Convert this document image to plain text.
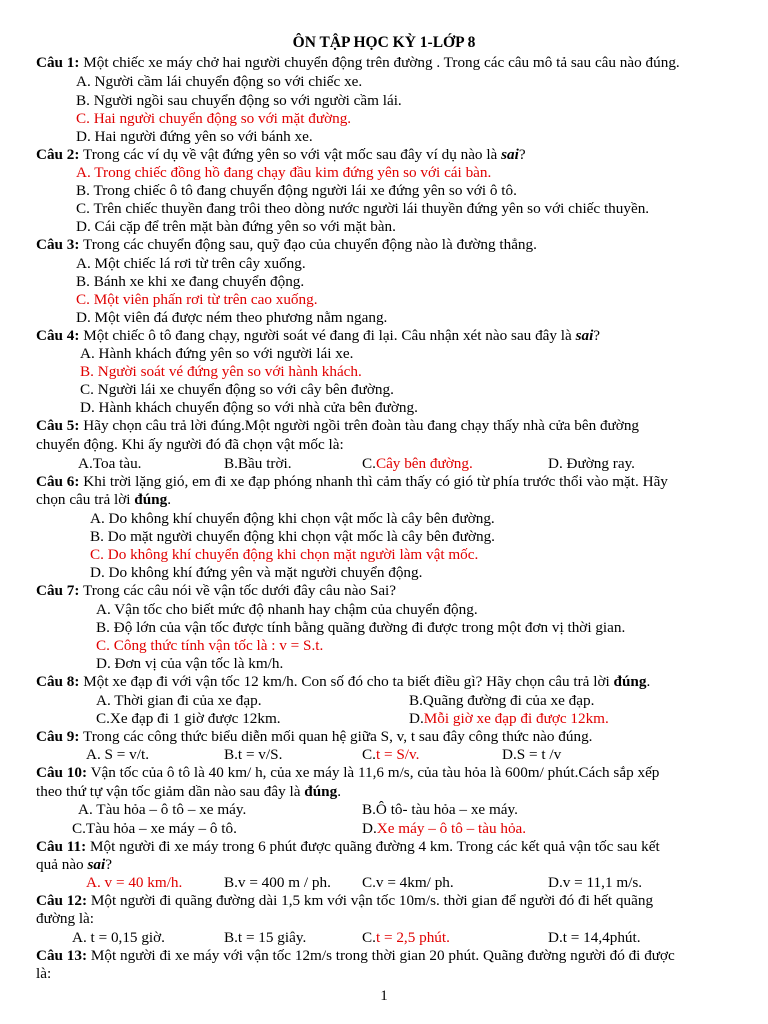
ÔN TẬP HỌC KỲ 1-LỚP 8
Câu 1: Một chiếc xe máy chở hai người chuyển động trên đường . Trong các câu mô tả sau câu nào đúng.
A. Người cầm lái chuyển động so với chiếc xe.
B. Người ngồi sau chuyển động so với người cầm lái.
C. Hai người chuyển động so với mặt đường.
D. Hai người đứng yên so với bánh xe.
Câu 2: Trong các ví dụ về vật đứng yên so với vật mốc sau đây ví dụ nào là sai?
A. Trong chiếc đồng hồ đang chạy đầu kim đứng yên so với cái bàn.
B. Trong chiếc ô tô đang chuyển động người lái xe đứng yên so với ô tô.
C. Trên chiếc thuyền đang trôi theo dòng nước người lái thuyền đứng yên so với chiếc thuyền.
D. Cái cặp để trên mặt bàn đứng yên so với mặt bàn.
Câu 3: Trong các chuyển động sau, quỹ đạo của chuyển động nào là đường thẳng.
A. Một chiếc lá rơi từ trên cây xuống.
B. Bánh xe khi xe đang chuyển động.
C. Một viên phấn rơi từ trên cao xuống.
D. Một viên đá được ném theo phương nằm ngang.
Câu 4: Một chiếc ô tô đang chạy, người soát vé đang đi lại. Câu nhận xét nào sau đây là sai?
A. Hành khách đứng yên so với người lái xe.
B. Người soát vé đứng yên so với hành khách.
C. Người lái xe chuyển động so với cây bên đường.
D. Hành khách chuyển động so với nhà cửa bên đường.
Câu 5: Hãy chọn câu trả lời đúng.Một người ngồi trên đoàn tàu đang chạy thấy nhà cửa bên đường
chuyển động. Khi ấy người đó đã chọn vật mốc là:
A.Toa tàu.	B.Bầu trời.	C.Cây bên đường.	D. Đường ray.
Câu 6: Khi trời lặng gió, em đi xe đạp phóng nhanh thì cảm thấy có gió từ phía trước thổi vào mặt. Hãy
chọn câu trả lời đúng.
A. Do không khí chuyển động khi chọn vật mốc là cây bên đường.
B. Do mặt người chuyển động khi chọn vật mốc là cây bên đường.
C. Do không khí chuyển động khi chọn mặt người làm vật mốc.
D. Do không khí đứng yên và mặt người chuyển động.
Câu 7: Trong các câu nói về vận tốc dưới đây câu nào Sai?
A. Vận tốc cho biết mức độ nhanh hay chậm của chuyển động.
B. Độ lớn của vận tốc được tính bằng quãng đường đi được trong một đơn vị thời gian.
C. Công thức tính vận tốc là : v = S.t.
D. Đơn vị của vận tốc là km/h.
Câu 8: Một xe đạp đi với vận tốc 12 km/h. Con số đó cho ta biết điều gì? Hãy chọn câu trả lời đúng.
A. Thời gian đi của xe đạp.	B.Quãng đường đi của xe đạp.
C.Xe đạp đi 1 giờ được 12km.	D.Mỗi giờ xe đạp đi được 12km.
Câu 9: Trong các công thức biểu diễn mối quan hệ giữa S, v, t sau đây công thức nào đúng.
A. S = v/t.	B.t = v/S.	C.t = S/v.	D.S = t /v
Câu 10: Vận tốc của ô tô là 40 km/ h, của xe máy là 11,6 m/s, của tàu hỏa là 600m/ phút.Cách sắp xếp
theo thứ tự vận tốc giảm dần nào sau đây là đúng.
A. Tàu hỏa – ô tô – xe máy.	B.Ô tô- tàu hỏa – xe máy.
C.Tàu hỏa – xe máy – ô tô.	D.Xe máy – ô tô – tàu hỏa.
Câu 11: Một người đi xe máy trong 6 phút được quãng đường 4 km. Trong các kết quả vận tốc sau kết
quả nào sai?
A. v = 40 km/h.	B.v = 400 m / ph. C.v = 4km/ ph.	D.v = 11,1 m/s.
Câu 12: Một người đi quãng đường dài 1,5 km với vận tốc 10m/s. thời gian để người đó đi hết quãng
đường là:
A. t = 0,15 giờ.	B.t = 15 giây.	C.t = 2,5 phút.	D.t = 14,4phút.
Câu 13: Một người đi xe máy với vận tốc 12m/s trong thời gian 20 phút. Quãng đường người đó đi được
là:
1
